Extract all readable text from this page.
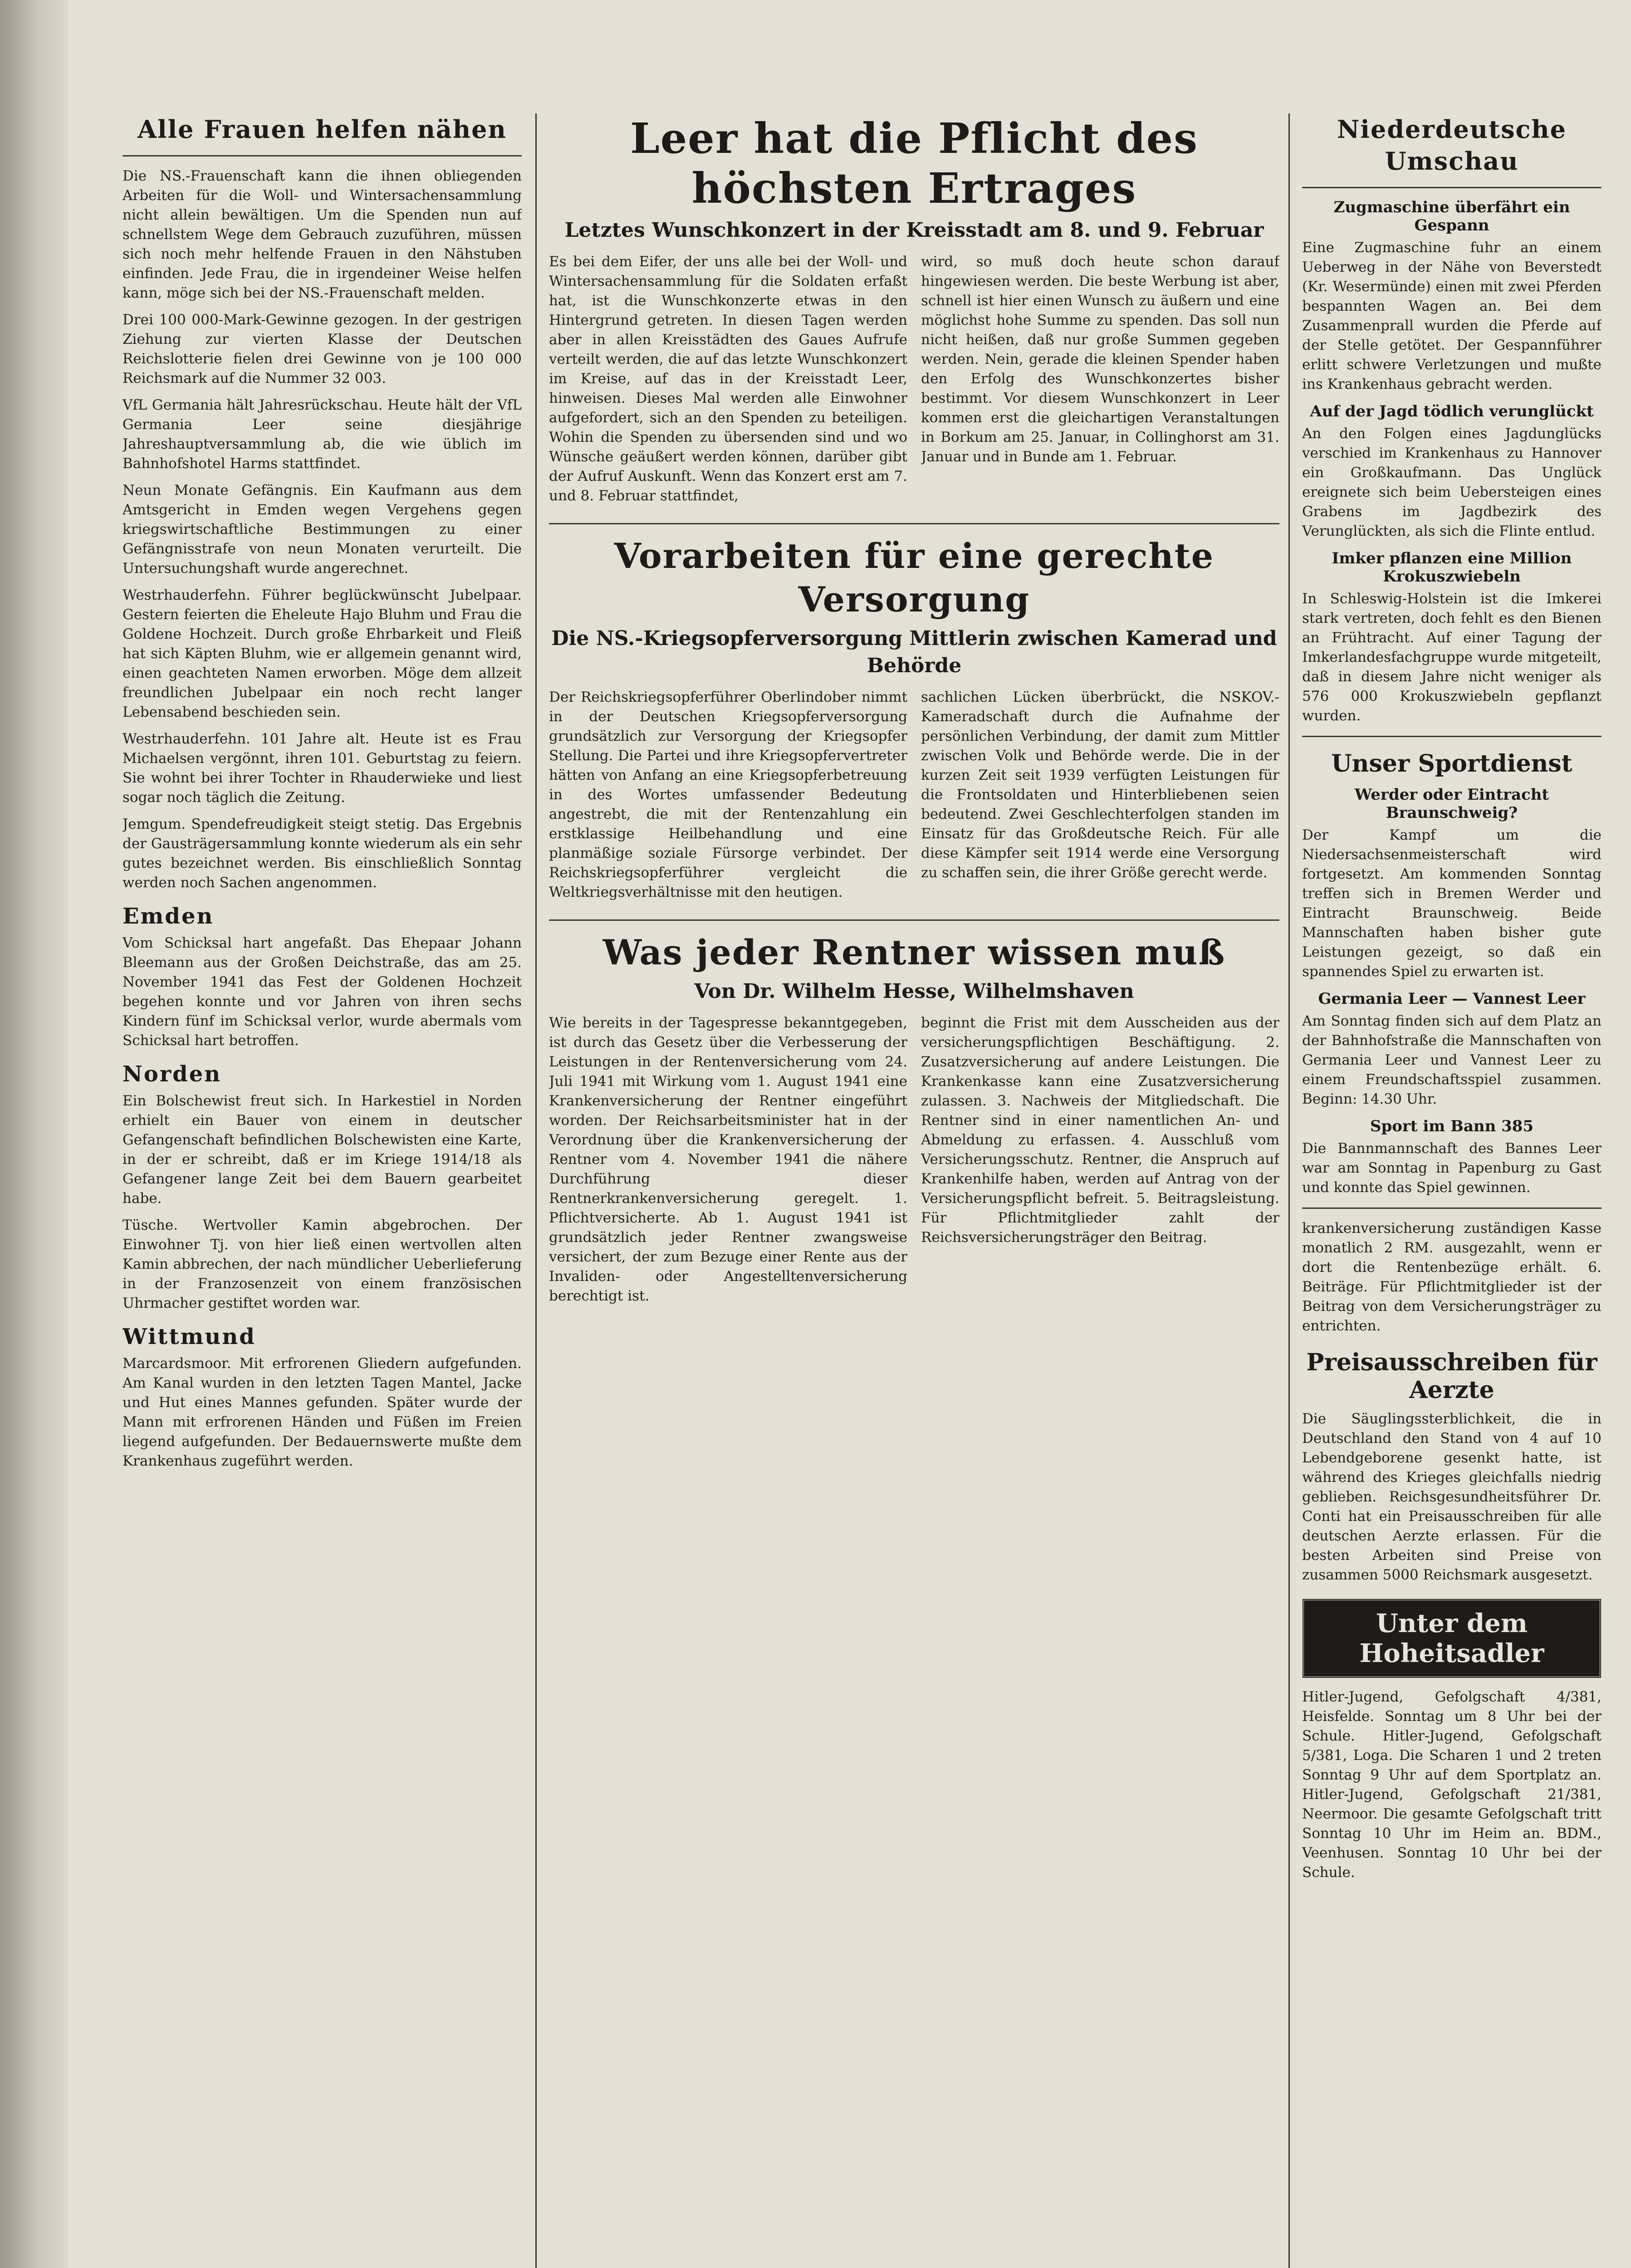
Alle Frauen helfen nähen

Die NS.-Frauenschaft kann die ihnen obliegenden Arbeiten für die Woll- und Wintersachensammlung nicht allein bewältigen. Um die Spenden nun auf schnellstem Wege dem Gebrauch zuzuführen, müssen sich noch mehr helfende Frauen in den Nähstuben einfinden. Jede Frau, die in irgendeiner Weise helfen kann, möge sich bei der NS.-Frauenschaft melden.

Drei 100 000-Mark-Gewinne gezogen. In der gestrigen Ziehung zur vierten Klasse der Deutschen Reichslotterie fielen drei Gewinne von je 100 000 Reichsmark auf die Nummer 32 003.

VfL Germania hält Jahresrückschau. Heute hält der VfL Germania Leer seine diesjährige Jahreshauptversammlung ab, die wie üblich im Bahnhofshotel Harms stattfindet.

Neun Monate Gefängnis. Ein Kaufmann aus dem Amtsgericht in Emden wegen Vergehens gegen kriegswirtschaftliche Bestimmungen zu einer Gefängnisstrafe von neun Monaten verurteilt. Die Untersuchungshaft wurde angerechnet.

Westrhauderfehn. Führer beglückwünscht Jubelpaar. Gestern feierten die Eheleute Hajo Bluhm und Frau die Goldene Hochzeit. Durch große Ehrbarkeit und Fleiß hat sich Käpten Bluhm, wie er allgemein genannt wird, einen geachteten Namen erworben. Möge dem allzeit freundlichen Jubelpaar ein noch recht langer Lebensabend beschieden sein.

Westrhauderfehn. 101 Jahre alt. Heute ist es Frau Michaelsen vergönnt, ihren 101. Geburtstag zu feiern. Sie wohnt bei ihrer Tochter in Rhauderwieke und liest sogar noch täglich die Zeitung.

Jemgum. Spendefreudigkeit steigt stetig. Das Ergebnis der Gausträgersammlung konnte wiederum als ein sehr gutes bezeichnet werden. Bis einschließlich Sonntag werden noch Sachen angenommen.

Emden

Vom Schicksal hart angefaßt. Das Ehepaar Johann Bleemann aus der Großen Deichstraße, das am 25. November 1941 das Fest der Goldenen Hochzeit begehen konnte und vor Jahren von ihren sechs Kindern fünf im Schicksal verlor, wurde abermals vom Schicksal hart betroffen.

Norden

Ein Bolschewist freut sich. In Harkestiel in Norden erhielt ein Bauer von einem in deutscher Gefangenschaft befindlichen Bolschewisten eine Karte, in der er schreibt, daß er im Kriege 1914/18 als Gefangener lange Zeit bei dem Bauern gearbeitet habe.

Tüsche. Wertvoller Kamin abgebrochen. Der Einwohner Tj. von hier ließ einen wertvollen alten Kamin abbrechen, der nach mündlicher Ueberlieferung in der Franzosenzeit von einem französischen Uhrmacher gestiftet worden war.

Wittmund

Marcardsmoor. Mit erfrorenen Gliedern aufgefunden. Am Kanal wurden in den letzten Tagen Mantel, Jacke und Hut eines Mannes gefunden. Später wurde der Mann mit erfrorenen Händen und Füßen im Freien liegend aufgefunden. Der Bedauernswerte mußte dem Krankenhaus zugeführt werden.

Leer hat die Pflicht des höchsten Ertrages
Letztes Wunschkonzert in der Kreisstadt am 8. und 9. Februar

Es bei dem Eifer, der uns alle bei der Woll- und Wintersachensammlung für die Soldaten erfaßt hat, ist die Wunschkonzerte etwas in den Hintergrund getreten. In diesen Tagen werden aber in allen Kreisstädten des Gaues Aufrufe verteilt werden, die auf das letzte Wunschkonzert im Kreise, auf das in der Kreisstadt Leer, hinweisen. Dieses Mal werden alle Einwohner aufgefordert, sich an den Spenden zu beteiligen. Wohin die Spenden zu übersenden sind und wo Wünsche geäußert werden können, darüber gibt der Aufruf Auskunft. Wenn das Konzert erst am 7. und 8. Februar stattfindet,

wird, so muß doch heute schon darauf hingewiesen werden. Die beste Werbung ist aber, schnell ist hier einen Wunsch zu äußern und eine möglichst hohe Summe zu spenden. Das soll nun nicht heißen, daß nur große Summen gegeben werden. Nein, gerade die kleinen Spender haben den Erfolg des Wunschkonzertes bisher bestimmt. Vor diesem Wunschkonzert in Leer kommen erst die gleichartigen Veranstaltungen in Borkum am 25. Januar, in Collinghorst am 31. Januar und in Bunde am 1. Februar.

Vorarbeiten für eine gerechte Versorgung
Die NS.-Kriegsopferversorgung Mittlerin zwischen Kamerad und Behörde

Der Reichskriegsopferführer Oberlindober nimmt in der Deutschen Kriegsopferversorgung grundsätzlich zur Versorgung der Kriegsopfer Stellung. Die Partei und ihre Kriegsopfervertreter hätten von Anfang an eine Kriegsopferbetreuung in des Wortes umfassender Bedeutung angestrebt, die mit der Rentenzahlung ein erstklassige Heilbehandlung und eine planmäßige soziale Fürsorge verbindet. Der Reichskriegsopferführer vergleicht die Weltkriegsverhältnisse mit den heutigen.

sachlichen Lücken überbrückt, die NSKOV.-Kameradschaft durch die Aufnahme der persönlichen Verbindung, der damit zum Mittler zwischen Volk und Behörde werde. Die in der kurzen Zeit seit 1939 verfügten Leistungen für die Frontsoldaten und Hinterbliebenen seien bedeutend. Zwei Geschlechterfolgen standen im Einsatz für das Großdeutsche Reich. Für alle diese Kämpfer seit 1914 werde eine Versorgung zu schaffen sein, die ihrer Größe gerecht werde.

Was jeder Rentner wissen muß
Von Dr. Wilhelm Hesse, Wilhelmshaven

Wie bereits in der Tagespresse bekanntgegeben, ist durch das Gesetz über die Verbesserung der Leistungen in der Rentenversicherung vom 24. Juli 1941 mit Wirkung vom 1. August 1941 eine Krankenversicherung der Rentner eingeführt worden. Der Reichsarbeitsminister hat in der Verordnung über die Krankenversicherung der Rentner vom 4. November 1941 die nähere Durchführung dieser Rentnerkrankenversicherung geregelt. 1. Pflichtversicherte. Ab 1. August 1941 ist grundsätzlich jeder Rentner zwangsweise versichert, der zum Bezuge einer Rente aus der Invaliden- oder Angestelltenversicherung berechtigt ist.

beginnt die Frist mit dem Ausscheiden aus der versicherungspflichtigen Beschäftigung. 2. Zusatzversicherung auf andere Leistungen. Die Krankenkasse kann eine Zusatzversicherung zulassen. 3. Nachweis der Mitgliedschaft. Die Rentner sind in einer namentlichen An- und Abmeldung zu erfassen. 4. Ausschluß vom Versicherungsschutz. Rentner, die Anspruch auf Krankenhilfe haben, werden auf Antrag von der Versicherungspflicht befreit. 5. Beitragsleistung. Für Pflichtmitglieder zahlt der Reichsversicherungsträger den Beitrag.

Niederdeutsche Umschau
Zugmaschine überfährt ein Gespann

Eine Zugmaschine fuhr an einem Ueberweg in der Nähe von Beverstedt (Kr. Wesermünde) einen mit zwei Pferden bespannten Wagen an. Bei dem Zusammenprall wurden die Pferde auf der Stelle getötet. Der Gespannführer erlitt schwere Verletzungen und mußte ins Krankenhaus gebracht werden.

Auf der Jagd tödlich verunglückt

An den Folgen eines Jagdunglücks verschied im Krankenhaus zu Hannover ein Großkaufmann. Das Unglück ereignete sich beim Uebersteigen eines Grabens im Jagdbezirk des Verunglückten, als sich die Flinte entlud.

Imker pflanzen eine Million Krokuszwiebeln

In Schleswig-Holstein ist die Imkerei stark vertreten, doch fehlt es den Bienen an Frühtracht. Auf einer Tagung der Imkerlandesfachgruppe wurde mitgeteilt, daß in diesem Jahre nicht weniger als 576 000 Krokuszwiebeln gepflanzt wurden.

Unser Sportdienst
Werder oder Eintracht Braunschweig?

Der Kampf um die Niedersachsenmeisterschaft wird fortgesetzt. Am kommenden Sonntag treffen sich in Bremen Werder und Eintracht Braunschweig. Beide Mannschaften haben bisher gute Leistungen gezeigt, so daß ein spannendes Spiel zu erwarten ist.

Germania Leer — Vannest Leer

Am Sonntag finden sich auf dem Platz an der Bahnhofstraße die Mannschaften von Germania Leer und Vannest Leer zu einem Freundschaftsspiel zusammen. Beginn: 14.30 Uhr.

Sport im Bann 385

Die Bannmannschaft des Bannes Leer war am Sonntag in Papenburg zu Gast und konnte das Spiel gewinnen.

krankenversicherung zuständigen Kasse monatlich 2 RM. ausgezahlt, wenn er dort die Rentenbezüge erhält. 6. Beiträge. Für Pflichtmitglieder ist der Beitrag von dem Versicherungsträger zu entrichten.

Preisausschreiben für Aerzte

Die Säuglingssterblichkeit, die in Deutschland den Stand von 4 auf 10 Lebendgeborene gesenkt hatte, ist während des Krieges gleichfalls niedrig geblieben. Reichsgesundheitsführer Dr. Conti hat ein Preisausschreiben für alle deutschen Aerzte erlassen. Für die besten Arbeiten sind Preise von zusammen 5000 Reichsmark ausgesetzt.

Unter dem Hoheitsadler

Hitler-Jugend, Gefolgschaft 4/381, Heisfelde. Sonntag um 8 Uhr bei der Schule. Hitler-Jugend, Gefolgschaft 5/381, Loga. Die Scharen 1 und 2 treten Sonntag 9 Uhr auf dem Sportplatz an. Hitler-Jugend, Gefolgschaft 21/381, Neermoor. Die gesamte Gefolgschaft tritt Sonntag 10 Uhr im Heim an. BDM., Veenhusen. Sonntag 10 Uhr bei der Schule.
